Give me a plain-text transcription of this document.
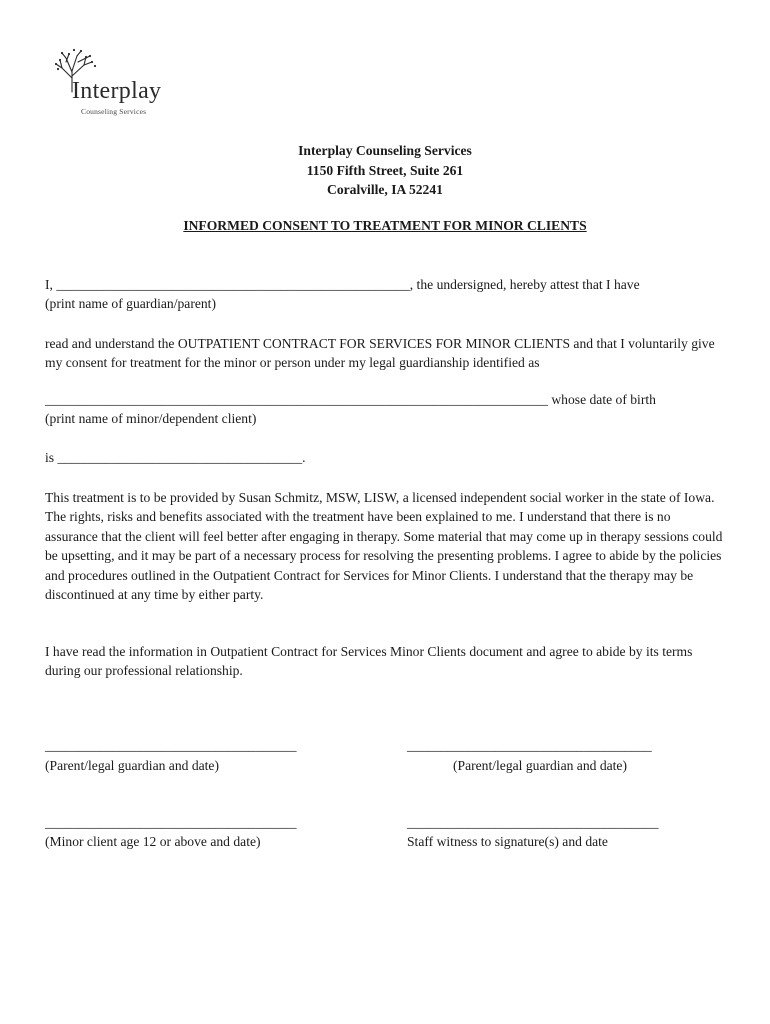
Interplay
Counseling Services
Interplay Counseling Services
1150 Fifth Street, Suite 261
Coralville, IA 52241
INFORMED CONSENT TO TREATMENT FOR MINOR CLIENTS
I, ____________________________________________________, the undersigned, hereby attest that I have
(print name of guardian/parent)
read and understand the OUTPATIENT CONTRACT FOR SERVICES FOR MINOR CLIENTS and that I voluntarily give my consent for treatment for the minor or person under my legal guardianship identified as
__________________________________________________________________________ whose date of birth
(print name of minor/dependent client)
is ____________________________________.
This treatment is to be provided by Susan Schmitz, MSW, LISW, a licensed independent social worker in the state of Iowa. The rights, risks and benefits associated with the treatment have been explained to me. I understand that there is no assurance that the client will feel better after engaging in therapy. Some material that may come up in therapy sessions could be upsetting, and it may be part of a necessary process for resolving the presenting problems. I agree to abide by the policies and procedures outlined in the Outpatient Contract for Services for Minor Clients. I understand that the therapy may be discontinued at any time by either party.
I have read the information in Outpatient Contract for Services Minor Clients document and agree to abide by its terms during our professional relationship.
_____________________________________
(Parent/legal guardian and date)
____________________________________
(Parent/legal guardian and date)
_____________________________________
(Minor client age 12 or above and date)
_____________________________________
Staff witness to signature(s) and date
